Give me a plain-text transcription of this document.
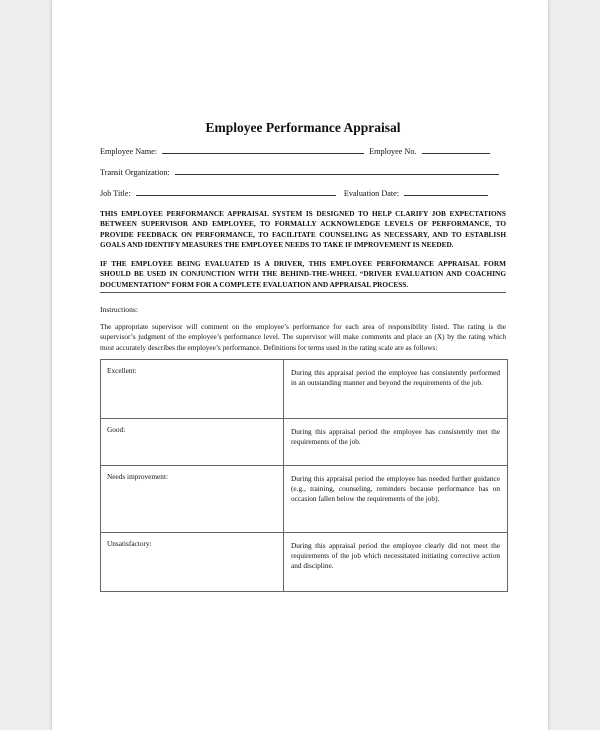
Employee Performance Appraisal
Employee Name:	Employee No.
Transit Organization:
Job Title:	Evaluation Date:

THIS EMPLOYEE PERFORMANCE APPRAISAL SYSTEM IS DESIGNED TO HELP CLARIFY JOB EXPECTATIONS BETWEEN SUPERVISOR AND EMPLOYEE, TO FORMALLY ACKNOWLEDGE LEVELS OF PERFORMANCE, TO PROVIDE FEEDBACK ON PERFORMANCE, TO FACILITATE COUNSELING AS NECESSARY, AND TO ESTABLISH GOALS AND IDENTIFY MEASURES THE EMPLOYEE NEEDS TO TAKE IF IMPROVEMENT IS NEEDED.

IF THE EMPLOYEE BEING EVALUATED IS A DRIVER, THIS EMPLOYEE PERFORMANCE APPRAISAL FORM SHOULD BE USED IN CONJUNCTION WITH THE BEHIND-THE-WHEEL “DRIVER EVALUATION AND COACHING DOCUMENTATION” FORM FOR A COMPLETE EVALUATION AND APPRAISAL PROCESS.

Instructions:

The appropriate supervisor will comment on the employee’s performance for each area of responsibility listed. The rating is the supervisor’s judgment of the employee’s performance level. The supervisor will make comments and place an (X) by the rating which most accurately describes the employee’s performance. Definitions for terms used in the rating scale are as follows:

Excellent:	During this appraisal period the employee has consistently performed in an outstanding manner and beyond the requirements of the job.
Good:	During this appraisal period the employee has consistently met the requirements of the job.
Needs improvement:	During this appraisal period the employee has needed further guidance (e.g., training, counseling, reminders because performance has on occasion fallen below the requirements of the job).
Unsatisfactory:	During this appraisal period the employee clearly did not meet the requirements of the job which necessitated initiating corrective action and discipline.
